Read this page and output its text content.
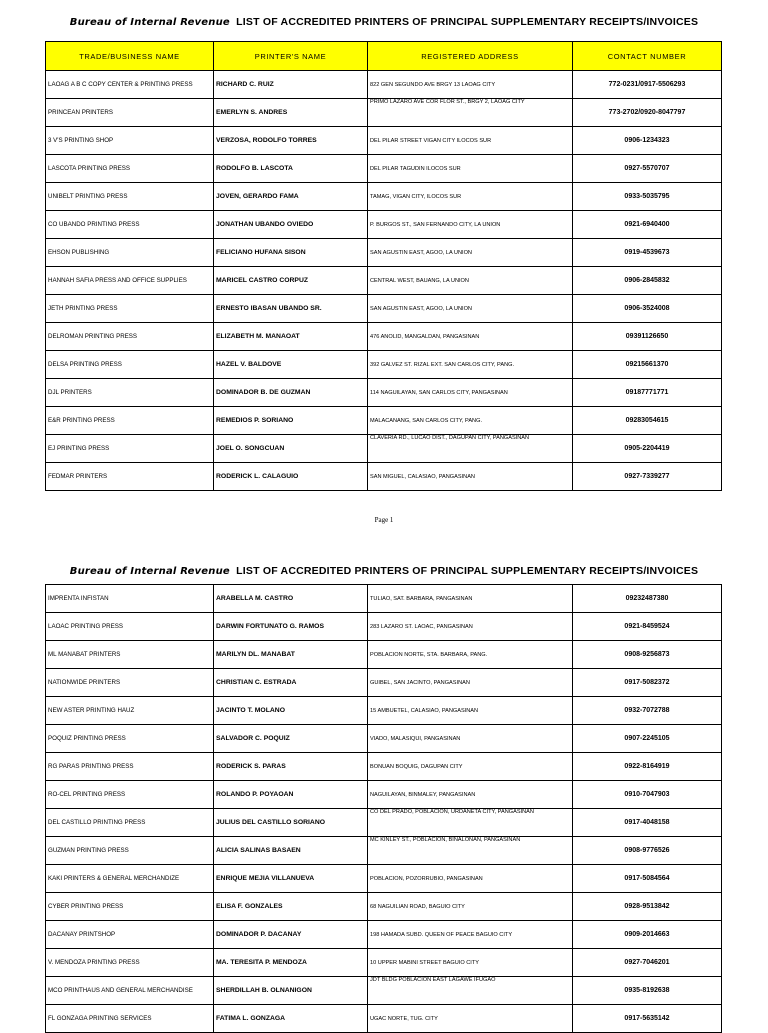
Bureau of Internal Revenue LIST OF ACCREDITED PRINTERS OF PRINCIPAL SUPPLEMENTARY RECEIPTS/INVOICES
TRADE/BUSINESS NAME	PRINTER'S NAME	REGISTERED ADDRESS	CONTACT NUMBER
LAOAG A B C COPY CENTER & PRINTING PRESS	RICHARD C. RUIZ	822 GEN SEGUNDO AVE BRGY 13 LAOAG CITY	772-0231/0917-5506293
PRINCEAN PRINTERS	EMERLYN S. ANDRES	PRIMO LAZARO AVE COR FLOR ST., BRGY 2, LAOAG CITY	773-2702/0920-8047797
3 V'S PRINTING SHOP	VERZOSA, RODOLFO TORRES	DEL PILAR STREET VIGAN CITY ILOCOS SUR	0906-1234323
LASCOTA PRINTING PRESS	RODOLFO B. LASCOTA	DEL PILAR TAGUDIN ILOCOS SUR	0927-5570707
UNIBELT PRINTING PRESS	JOVEN, GERARDO FAMA	TAMAG, VIGAN CITY, ILOCOS SUR	0933-5035795
CO UBANDO PRINTING PRESS	JONATHAN UBANDO OVIEDO	P. BURGOS ST., SAN FERNANDO CITY, LA UNION	0921-6940400
EHSON PUBLISHING	FELICIANO HUFANA SISON	SAN AGUSTIN EAST, AGOO, LA UNION	0919-4539673
HANNAH SAFIA PRESS AND OFFICE SUPPLIES	MARICEL CASTRO CORPUZ	CENTRAL WEST, BAUANG, LA UNION	0906-2845832
JETH PRINTING PRESS	ERNESTO IBASAN UBANDO SR.	SAN AGUSTIN EAST, AGOO, LA UNION	0906-3524008
DELROMAN PRINTING PRESS	ELIZABETH M. MANAOAT	476 ANOLID, MANGALDAN, PANGASINAN	09391126650
DELSA PRINTING PRESS	HAZEL V. BALDOVE	392 GALVEZ ST. RIZAL EXT. SAN CARLOS CITY, PANG.	09215661370
DJL PRINTERS	DOMINADOR B. DE GUZMAN	114 NAGUILAYAN, SAN CARLOS CITY, PANGASINAN	09187771771
E&R PRINTING PRESS	REMEDIOS P. SORIANO	MALACANANG, SAN CARLOS CITY, PANG.	09283054615
EJ PRINTING PRESS	JOEL O. SONGCUAN	CLAVERIA RD., LUCAO DIST., DAGUPAN CITY, PANGASINAN	0905-2204419
FEDMAR PRINTERS	RODERICK L. CALAGUIO	SAN MIGUEL, CALASIAO, PANGASINAN	0927-7339277
Page 1
Bureau of Internal Revenue LIST OF ACCREDITED PRINTERS OF PRINCIPAL SUPPLEMENTARY RECEIPTS/INVOICES
IMPRENTA INFISTAN	ARABELLA M. CASTRO	TULIAO, SAT. BARBARA, PANGASINAN	09232487380
LAOAC PRINTING PRESS	DARWIN FORTUNATO G. RAMOS	283 LAZARO ST. LAOAC, PANGASINAN	0921-8459524
ML MANABAT PRINTERS	MARILYN DL. MANABAT	POBLACION NORTE, STA. BARBARA, PANG.	0908-9256873
NATIONWIDE PRINTERS	CHRISTIAN C. ESTRADA	GUIBEL, SAN JACINTO, PANGASINAN	0917-5082372
NEW ASTER PRINTING HAUZ	JACINTO T. MOLANO	15 AMBUETEL, CALASIAO, PANGASINAN	0932-7072788
POQUIZ PRINTING PRESS	SALVADOR C. POQUIZ	VIADO, MALASIQUI, PANGASINAN	0907-2245105
RG PARAS PRINTING PRESS	RODERICK S. PARAS	BONUAN BOQUIG, DAGUPAN CITY	0922-8164919
RO-CEL PRINTING PRESS	ROLANDO P. POYAOAN	NAGUILAYAN, BINMALEY, PANGASINAN	0910-7047903
DEL CASTILLO PRINTING PRESS	JULIUS DEL CASTILLO SORIANO	CO DEL PRADO, POBLACION, URDANETA CITY, PANGASINAN	0917-4048158
GUZMAN PRINTING PRESS	ALICIA SALINAS BASAEN	MC KINLEY ST., POBLACION, BINALONAN, PANGASINAN	0908-9776526
KAKI PRINTERS & GENERAL MERCHANDIZE	ENRIQUE MEJIA VILLANUEVA	POBLACION, POZORRUBIO, PANGASINAN	0917-5084564
CYBER PRINTING PRESS	ELISA F. GONZALES	68 NAGUILIAN ROAD, BAGUIO CITY	0928-9513842
DACANAY PRINTSHOP	DOMINADOR P. DACANAY	198 HAMADA SUBD. QUEEN OF PEACE BAGUIO CITY	0909-2014663
V. MENDOZA PRINTING PRESS	MA. TERESITA P. MENDOZA	10 UPPER MABINI STREET BAGUIO CITY	0927-7046201
MCO PRINTHAUS AND GENERAL MERCHANDISE	SHERDILLAH B. OLNANIGON	JDT BLDG POBLACION EAST LAGAWE IFUGAO	0935-8192638
FL GONZAGA PRINTING SERVICES	FATIMA L. GONZAGA	UGAC NORTE, TUG. CITY	0917-5635142
